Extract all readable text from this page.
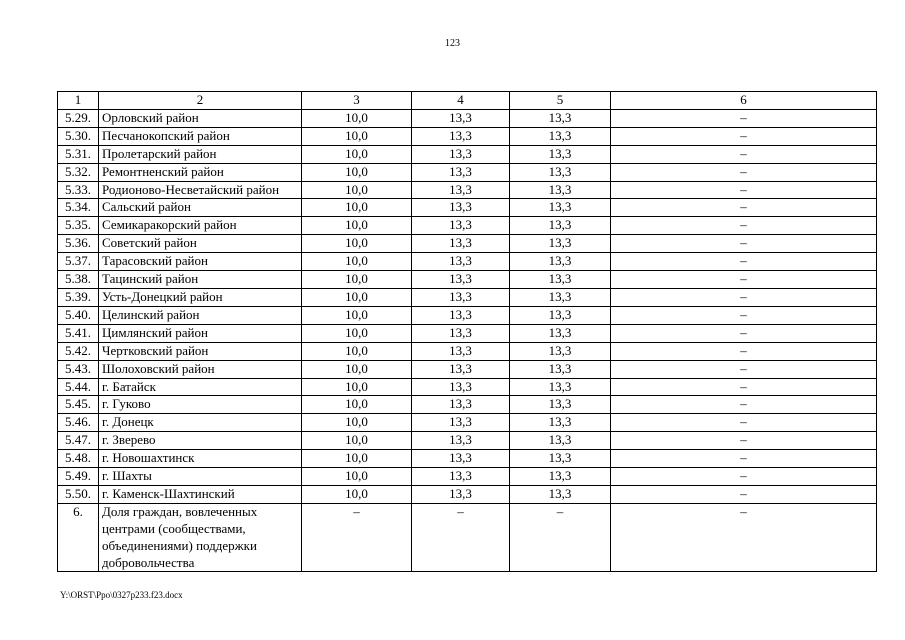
123
1	2	3	4	5	6
5.29.	Орловский район	10,0	13,3	13,3	–
5.30.	Песчанокопский район	10,0	13,3	13,3	–
5.31.	Пролетарский район	10,0	13,3	13,3	–
5.32.	Ремонтненский район	10,0	13,3	13,3	–
5.33.	Родионово-Несветайский район	10,0	13,3	13,3	–
5.34.	Сальский район	10,0	13,3	13,3	–
5.35.	Семикаракорский район	10,0	13,3	13,3	–
5.36.	Советский район	10,0	13,3	13,3	–
5.37.	Тарасовский район	10,0	13,3	13,3	–
5.38.	Тацинский район	10,0	13,3	13,3	–
5.39.	Усть-Донецкий район	10,0	13,3	13,3	–
5.40.	Целинский район	10,0	13,3	13,3	–
5.41.	Цимлянский район	10,0	13,3	13,3	–
5.42.	Чертковский район	10,0	13,3	13,3	–
5.43.	Шолоховский район	10,0	13,3	13,3	–
5.44.	г. Батайск	10,0	13,3	13,3	–
5.45.	г. Гуково	10,0	13,3	13,3	–
5.46.	г. Донецк	10,0	13,3	13,3	–
5.47.	г. Зверево	10,0	13,3	13,3	–
5.48.	г. Новошахтинск	10,0	13,3	13,3	–
5.49.	г. Шахты	10,0	13,3	13,3	–
5.50.	г. Каменск-Шахтинский	10,0	13,3	13,3	–
6.	Доля граждан, вовлеченных центрами (сообществами, объединениями) поддержки добровольчества	–	–	–	–
Y:\ORST\Ppo\0327p233.f23.docx
